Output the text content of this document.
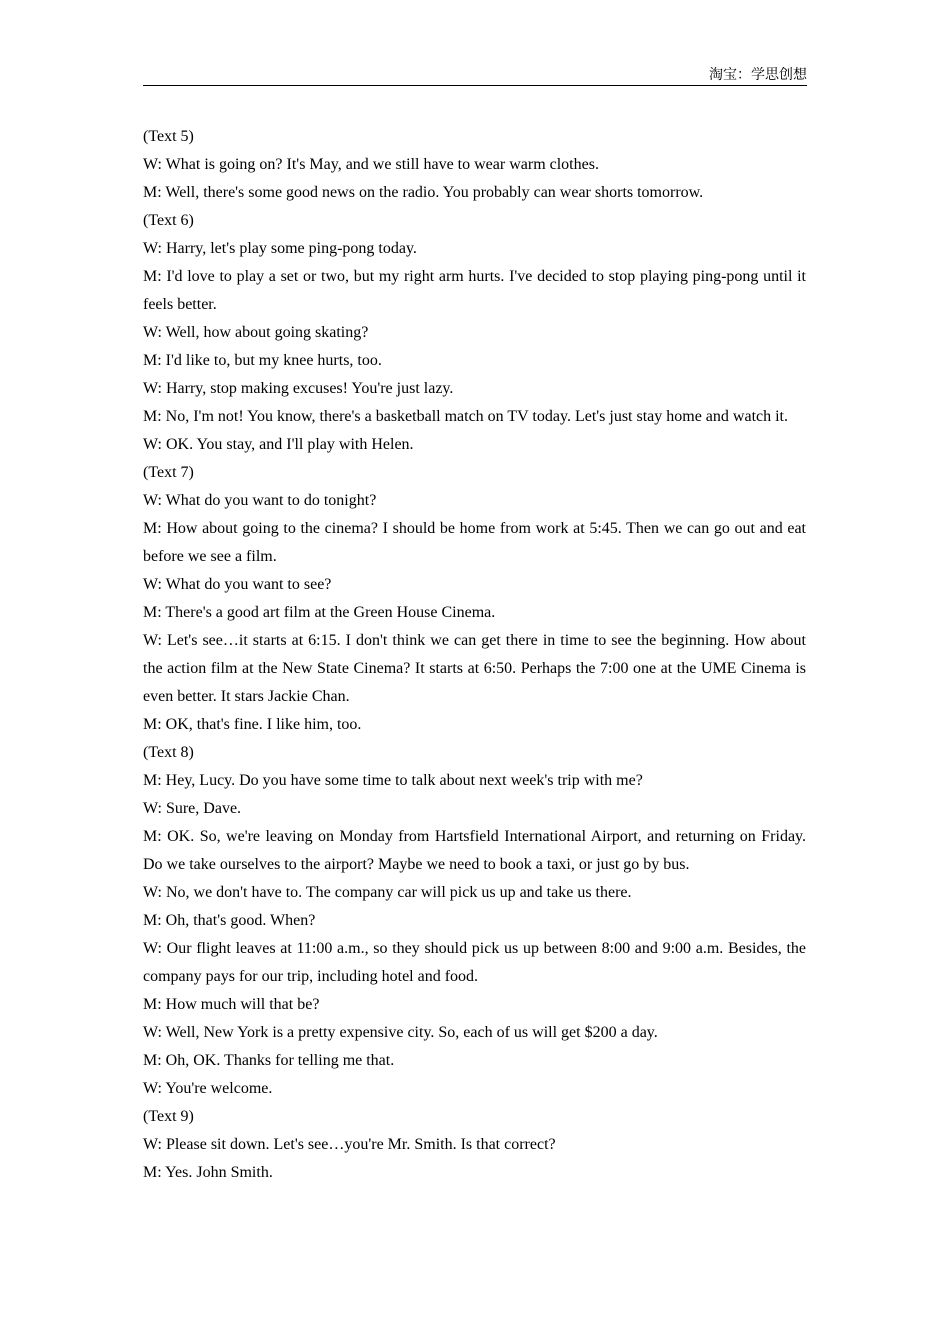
淘宝：学思创想

(Text 5)

W: What is going on? It's May, and we still have to wear warm clothes.

M: Well, there's some good news on the radio. You probably can wear shorts tomorrow.

(Text 6)

W: Harry, let's play some ping-pong today.

M: I'd love to play a set or two, but my right arm hurts. I've decided to stop playing ping-pong until it feels better.

W: Well, how about going skating?

M: I'd like to, but my knee hurts, too.

W: Harry, stop making excuses! You're just lazy.

M: No, I'm not! You know, there's a basketball match on TV today. Let's just stay home and watch it.

W: OK. You stay, and I'll play with Helen.

(Text 7)

W: What do you want to do tonight?

M: How about going to the cinema? I should be home from work at 5:45. Then we can go out and eat before we see a film.

W: What do you want to see?

M: There's a good art film at the Green House Cinema.

W: Let's see…it starts at 6:15. I don't think we can get there in time to see the beginning. How about the action film at the New State Cinema? It starts at 6:50. Perhaps the 7:00 one at the UME Cinema is even better. It stars Jackie Chan.

M: OK, that's fine. I like him, too.

(Text 8)

M: Hey, Lucy. Do you have some time to talk about next week's trip with me?

W: Sure, Dave.

M: OK. So, we're leaving on Monday from Hartsfield International Airport, and returning on Friday. Do we take ourselves to the airport? Maybe we need to book a taxi, or just go by bus.

W: No, we don't have to. The company car will pick us up and take us there.

M: Oh, that's good. When?

W: Our flight leaves at 11:00 a.m., so they should pick us up between 8:00 and 9:00 a.m. Besides, the company pays for our trip, including hotel and food.

M: How much will that be?

W: Well, New York is a pretty expensive city. So, each of us will get $200 a day.

M: Oh, OK. Thanks for telling me that.

W: You're welcome.

(Text 9)

W: Please sit down. Let's see…you're Mr. Smith. Is that correct?

M: Yes. John Smith.
